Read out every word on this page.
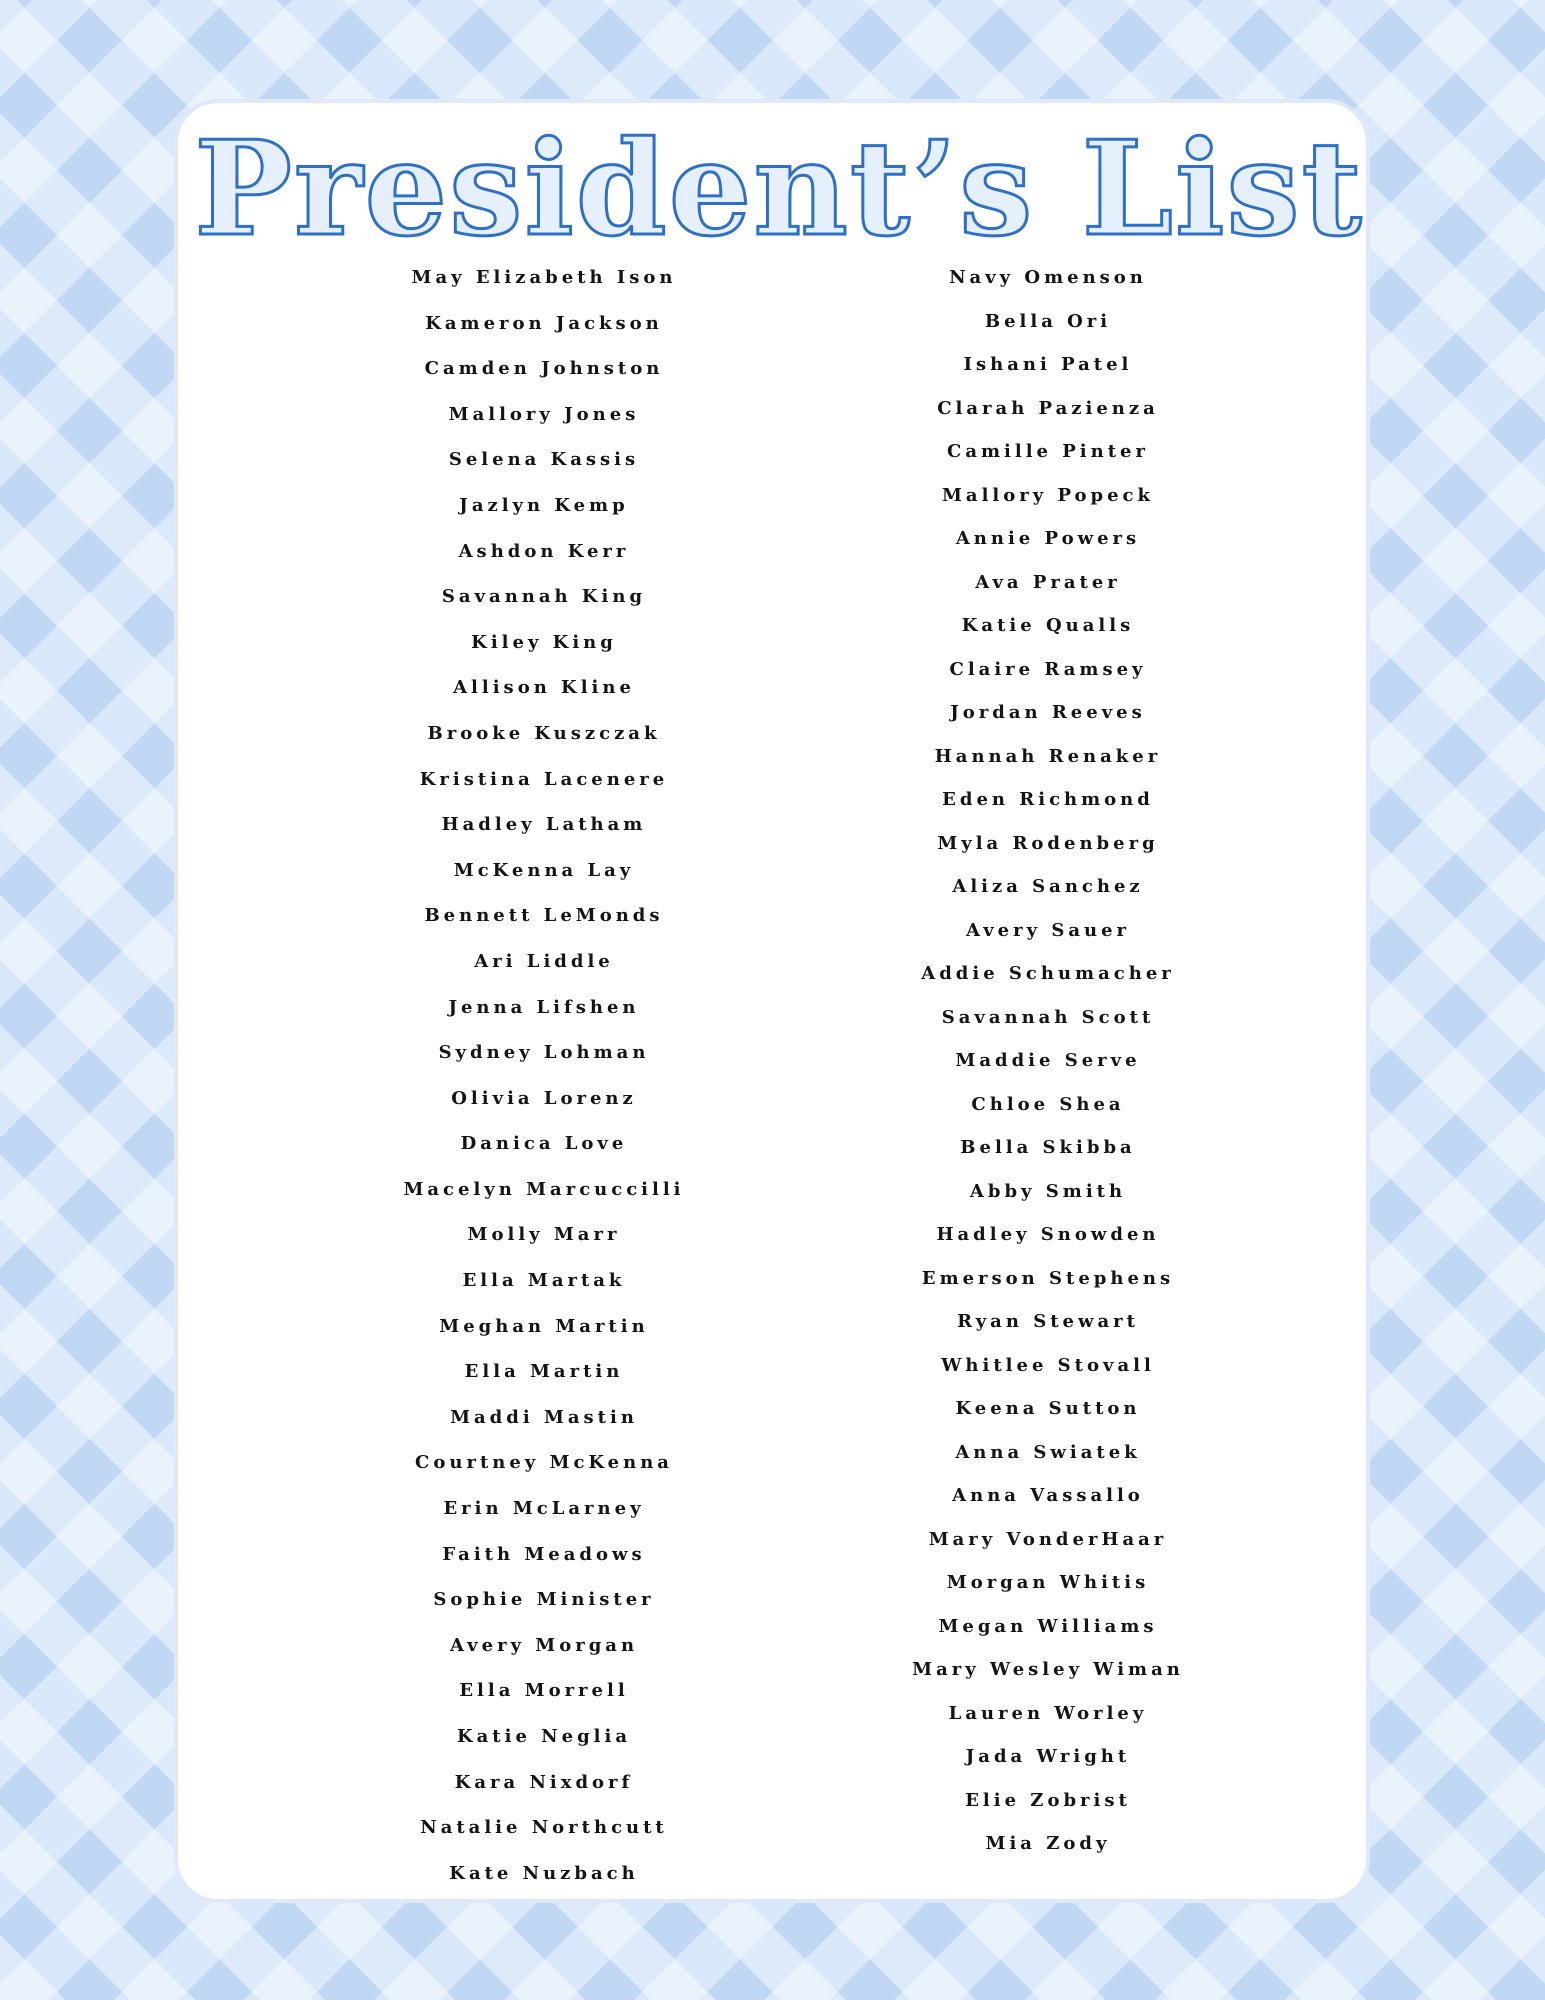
President’s List
May Elizabeth Ison
Kameron Jackson
Camden Johnston
Mallory Jones
Selena Kassis
Jazlyn Kemp
Ashdon Kerr
Savannah King
Kiley King
Allison Kline
Brooke Kuszczak
Kristina Lacenere
Hadley Latham
McKenna Lay
Bennett LeMonds
Ari Liddle
Jenna Lifshen
Sydney Lohman
Olivia Lorenz
Danica Love
Macelyn Marcuccilli
Molly Marr
Ella Martak
Meghan Martin
Ella Martin
Maddi Mastin
Courtney McKenna
Erin McLarney
Faith Meadows
Sophie Minister
Avery Morgan
Ella Morrell
Katie Neglia
Kara Nixdorf
Natalie Northcutt
Kate Nuzbach
Navy Omenson
Bella Ori
Ishani Patel
Clarah Pazienza
Camille Pinter
Mallory Popeck
Annie Powers
Ava Prater
Katie Qualls
Claire Ramsey
Jordan Reeves
Hannah Renaker
Eden Richmond
Myla Rodenberg
Aliza Sanchez
Avery Sauer
Addie Schumacher
Savannah Scott
Maddie Serve
Chloe Shea
Bella Skibba
Abby Smith
Hadley Snowden
Emerson Stephens
Ryan Stewart
Whitlee Stovall
Keena Sutton
Anna Swiatek
Anna Vassallo
Mary VonderHaar
Morgan Whitis
Megan Williams
Mary Wesley Wiman
Lauren Worley
Jada Wright
Elie Zobrist
Mia Zody
